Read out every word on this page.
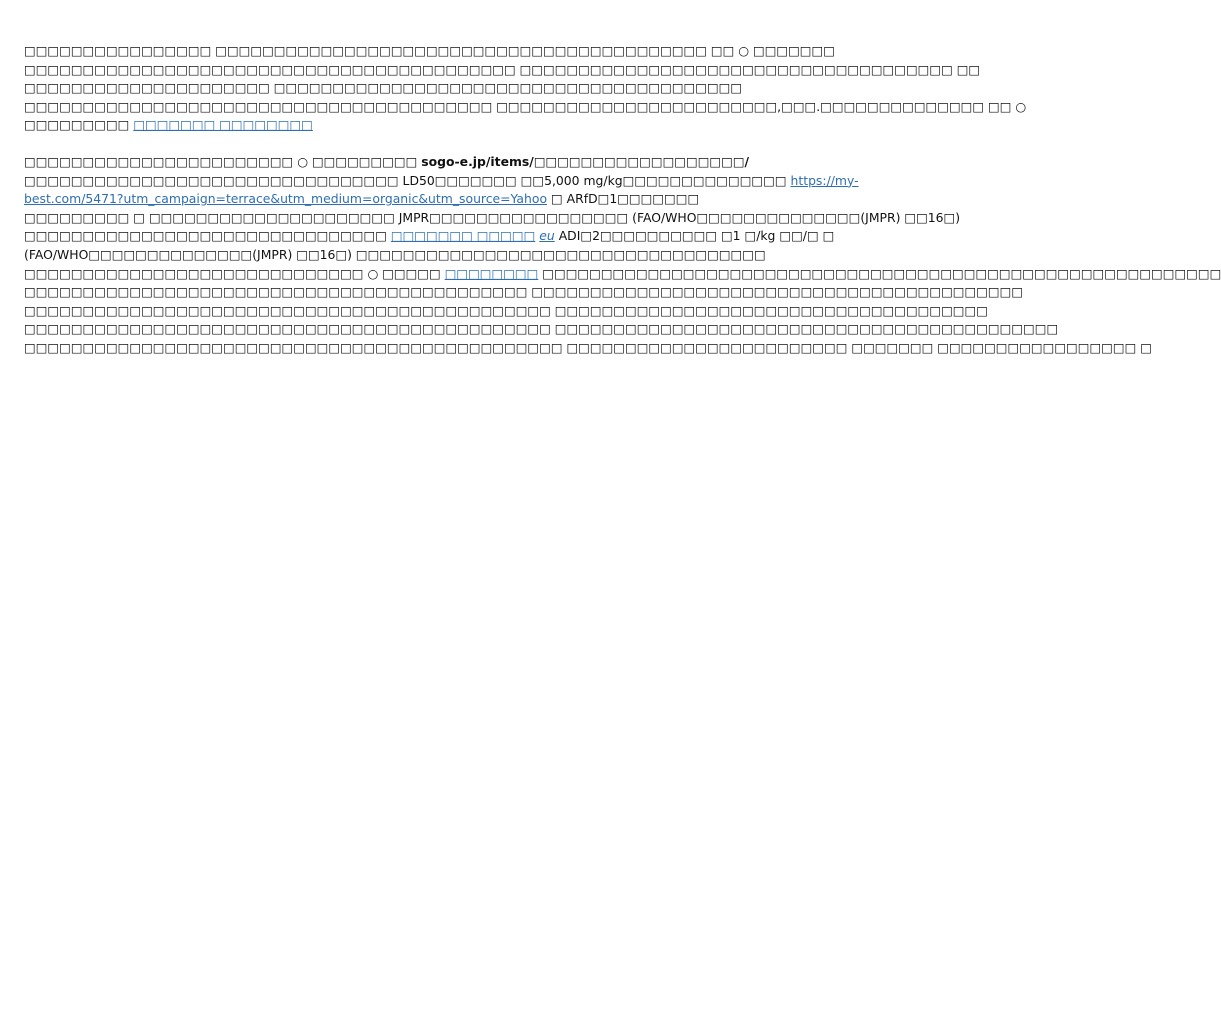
□□□□□□□□□□□□□□□□ □□□□□□□□□□□□□□□□□□□□□□□□□□□□□□□□□□□□□□□□□□ □□ ○ □□□□□□□
□□□□□□□□□□□□□□□□□□□□□□□□□□□□□□□□□□□□□□□□□□ □□□□□□□□□□□□□□□□□□□□□□□□□□□□□□□□□□□□□ □□
□□□□□□□□□□□□□□□□□□□□□ □□□□□□□□□□□□□□□□□□□□□□□□□□□□□□□□□□□□□□□□
□□□□□□□□□□□□□□□□□□□□□□□□□□□□□□□□□□□□□□□□ □□□□□□□□□□□□□□□□□□□□□□□□,□□□.□□□□□□□□□□□□□□ □□ ○
□□□□□□□□□ □□□□□□□ □□□□□□□□
□□□□□□□□□□□□□□□□□□□□□□□ ○ □□□□□□□□□ sogo-e.jp/items/□□□□□□□□□□□□□□□□□□/
□□□□□□□□□□□□□□□□□□□□□□□□□□□□□□□□ LD50□□□□□□□ □□5,000 mg/kg□□□□□□□□□□□□□□ https://my-
best.com/5471?utm_campaign=terrace&utm_medium=organic&utm_source=Yahoo □ ARfD□1□□□□□□□
□□□□□□□□□ □ □□□□□□□□□□□□□□□□□□□□□ JMPR□□□□□□□□□□□□□□□□□ (FAO/WHO□□□□□□□□□□□□□□(JMPR) □□16□)
□□□□□□□□□□□□□□□□□□□□□□□□□□□□□□□ □□□□□□□ □□□□□ eu ADI□2□□□□□□□□□□ □1 □/kg □□/□ □
(FAO/WHO□□□□□□□□□□□□□□(JMPR) □□16□) □□□□□□□□□□□□□□□□□□□□□□□□□□□□□□□□□□□
□□□□□□□□□□□□□□□□□□□□□□□□□□□□□ ○ □□□□□ □□□□□□□□ □□□□□□□□□□□□□□□□□□□□□□□□□□□□□□□□□□□□□□□□□□□□□□□□□□□□□□□□□□
□□□□□□□□□□□□□□□□□□□□□□□□□□□□□□□□□□□□□□□□□□□ □□□□□□□□□□□□□□□□□□□□□□□□□□□□□□□□□□□□□□□□□□
□□□□□□□□□□□□□□□□□□□□□□□□□□□□□□□□□□□□□□□□□□□□□ □□□□□□□□□□□□□□□□□□□□□□□□□□□□□□□□□□□□□
□□□□□□□□□□□□□□□□□□□□□□□□□□□□□□□□□□□□□□□□□□□□□ □□□□□□□□□□□□□□□□□□□□□□□□□□□□□□□□□□□□□□□□□□□
□□□□□□□□□□□□□□□□□□□□□□□□□□□□□□□□□□□□□□□□□□□□□□ □□□□□□□□□□□□□□□□□□□□□□□□ □□□□□□□ □□□□□□□□□□□□□□□□□ □
